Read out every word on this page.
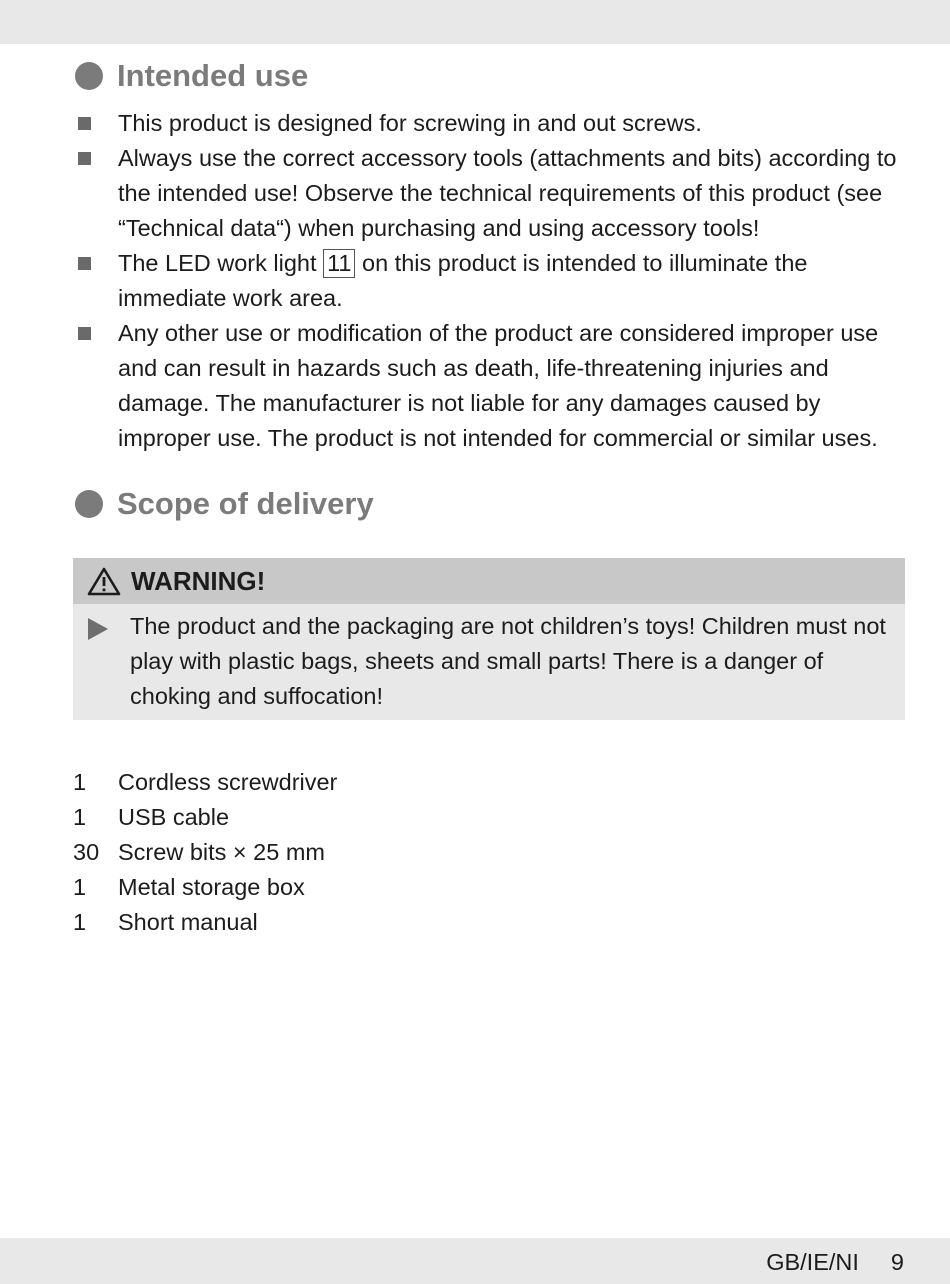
Intended use
This product is designed for screwing in and out screws.
Always use the correct accessory tools (attachments and bits) according to the intended use! Observe the technical requirements of this product (see “Technical data“) when purchasing and using accessory tools!
The LED work light 11 on this product is intended to illuminate the immediate work area.
Any other use or modification of the product are considered improper use and can result in hazards such as death, life-threatening injuries and damage. The manufacturer is not liable for any damages caused by improper use. The product is not intended for commercial or similar uses.
Scope of delivery
WARNING!
The product and the packaging are not children’s toys! Children must not play with plastic bags, sheets and small parts! There is a danger of choking and suffocation!
1	Cordless screwdriver
1	USB cable
30 Screw bits × 25 mm
1	Metal storage box
1	Short manual
GB/IE/NI 9
